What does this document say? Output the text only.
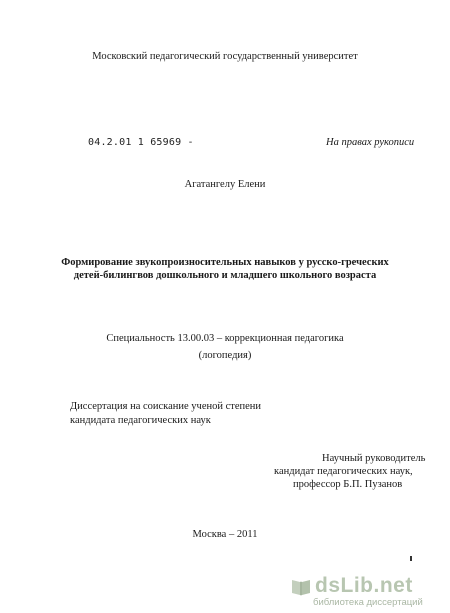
Московский педагогический государственный университет
04.2.01 1 65969 -	На правах рукописи
Агатангелу Елени
Формирование звукопроизносительных навыков у русско-греческих
детей-билингвов дошкольного и младшего школьного возраста
Специальность 13.00.03 – коррекционная педагогика
(логопедия)
Диссертация на соискание ученой степени
кандидата педагогических наук
Научный руководитель
кандидат педагогических наук,
профессор Б.П. Пузанов
Москва – 2011
dsLib.net
библиотека диссертаций
